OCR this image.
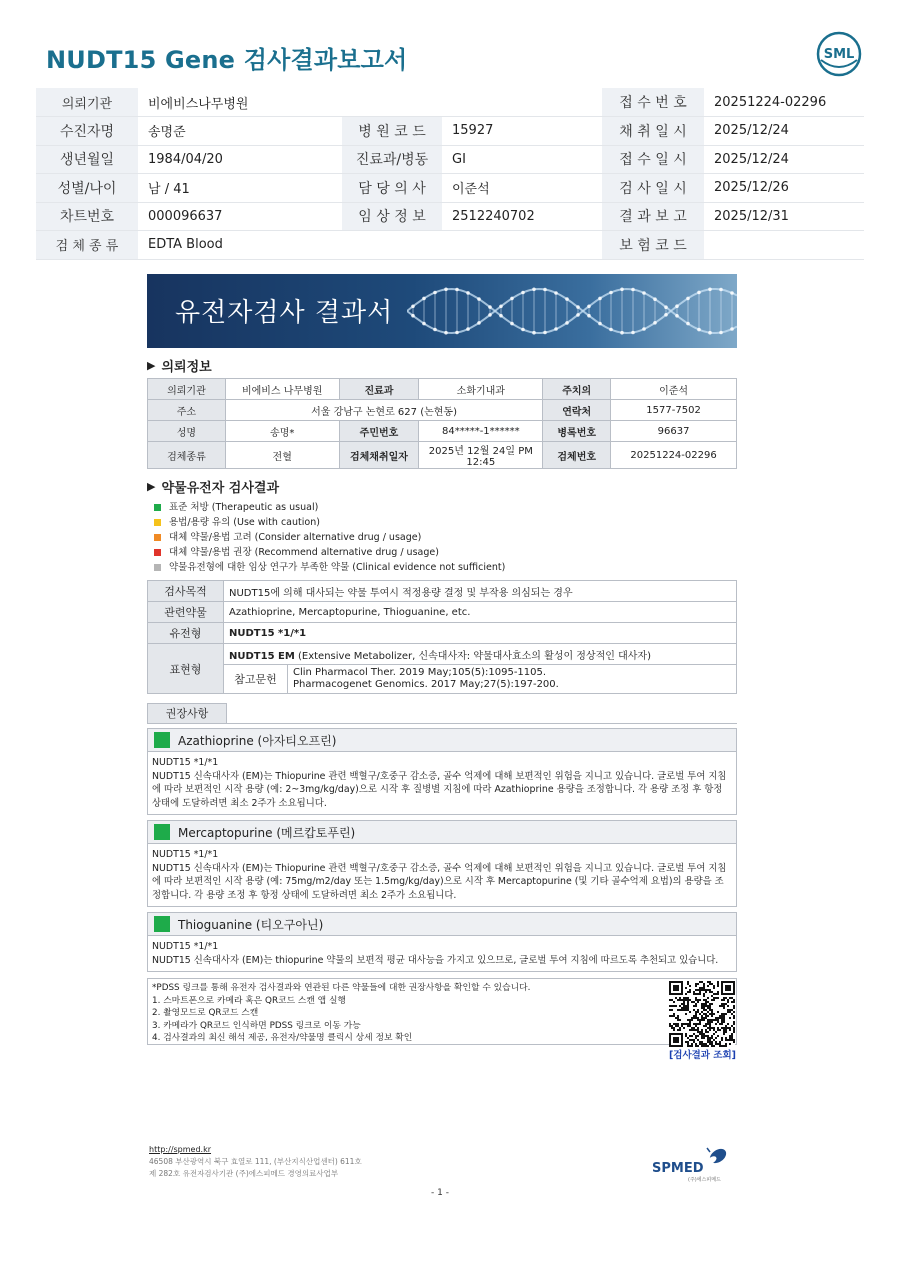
NUDT15 Gene 검사결과보고서	SML
의뢰기관	비에비스나무병원			접 수 번 호	20251224-02296
수진자명	송명준	병 원 코 드	15927	채 취 일 시	2025/12/24
생년월일	1984/04/20	진료과/병동	GI	접 수 일 시	2025/12/24
성별/나이	남 / 41	담 당 의 사	이준석	검 사 일 시	2025/12/26
차트번호	000096637	임 상 정 보	2512240702	결 과 보 고	2025/12/31
검 체 종 류	EDTA Blood			보 험 코 드	
유전자검사 결과서
▶ 의뢰정보
의뢰기관	비에비스 나무병원	진료과	소화기내과	주치의	이준석
주소	서울 강남구 논현로 627 (논현동)			연락처	1577-7502
성명	송명*	주민번호	84*****-1******	병록번호	96637
검체종류	전혈	검체채취일자	2025년 12월 24일 PM 12:45	검체번호	20251224-02296
▶ 약물유전자 검사결과
표준 처방 (Therapeutic as usual)
용법/용량 유의 (Use with caution)
대체 약물/용법 고려 (Consider alternative drug / usage)
대체 약물/용법 권장 (Recommend alternative drug / usage)
약물유전형에 대한 임상 연구가 부족한 약물 (Clinical evidence not sufficient)
검사목적	NUDT15에 의해 대사되는 약물 투여시 적정용량 결정 및 부작용 의심되는 경우	
관련약물	Azathioprine, Mercaptopurine, Thioguanine, etc.	
유전형	NUDT15 *1/*1	
표현형	NUDT15 EM (Extensive Metabolizer, 신속대사자: 약물대사효소의 활성이 정상적인 대사자)	
	참고문헌	Clin Pharmacol Ther. 2019 May;105(5):1095-1105.
Pharmacogenet Genomics. 2017 May;27(5):197-200.
권장사항
Azathioprine (아자티오프린)
NUDT15 *1/*1
NUDT15 신속대사자 (EM)는 Thiopurine 관련 백혈구/호중구 감소증, 골수 억제에 대해 보편적인 위험을 지니고 있습니다. 글로벌 투여 지침에 따라 보편적인 시작 용량 (예: 2~3mg/kg/day)으로 시작 후 질병별 지침에 따라 Azathioprine 용량을 조정합니다. 각 용량 조정 후 항정 상태에 도달하려면 최소 2주가 소요됩니다.
Mercaptopurine (메르캅토푸린)
NUDT15 *1/*1
NUDT15 신속대사자 (EM)는 Thiopurine 관련 백혈구/호중구 감소증, 골수 억제에 대해 보편적인 위험을 지니고 있습니다. 글로벌 투여 지침에 따라 보편적인 시작 용량 (예: 75mg/m2/day 또는 1.5mg/kg/day)으로 시작 후 Mercaptopurine (및 기타 골수억제 요법)의 용량을 조정합니다. 각 용량 조정 후 항정 상태에 도달하려면 최소 2주가 소요됩니다.
Thioguanine (티오구아닌)
NUDT15 *1/*1
NUDT15 신속대사자 (EM)는 thiopurine 약물의 보편적 평균 대사능을 가지고 있으므로, 글로벌 투여 지침에 따르도록 추천되고 있습니다.
*PDSS 링크를 통해 유전자 검사결과와 연관된 다른 약물들에 대한 권장사항을 확인할 수 있습니다.
1. 스마트폰으로 카메라 혹은 QR코드 스캔 앱 실행
2. 촬영모드로 QR코드 스캔
3. 카메라가 QR코드 인식하면 PDSS 링크로 이동 가능
4. 검사결과의 최신 해석 제공, 유전자/약물명 클릭시 상세 정보 확인
[검사결과 조회]
http://spmed.kr
46508 부산광역시 북구 효열로 111, (부산지식산업센터) 611호
제 282호 유전자검사기관 (주)에스피메드 경영의료사업부	SPMED
(주)에스피메드
- 1 -
